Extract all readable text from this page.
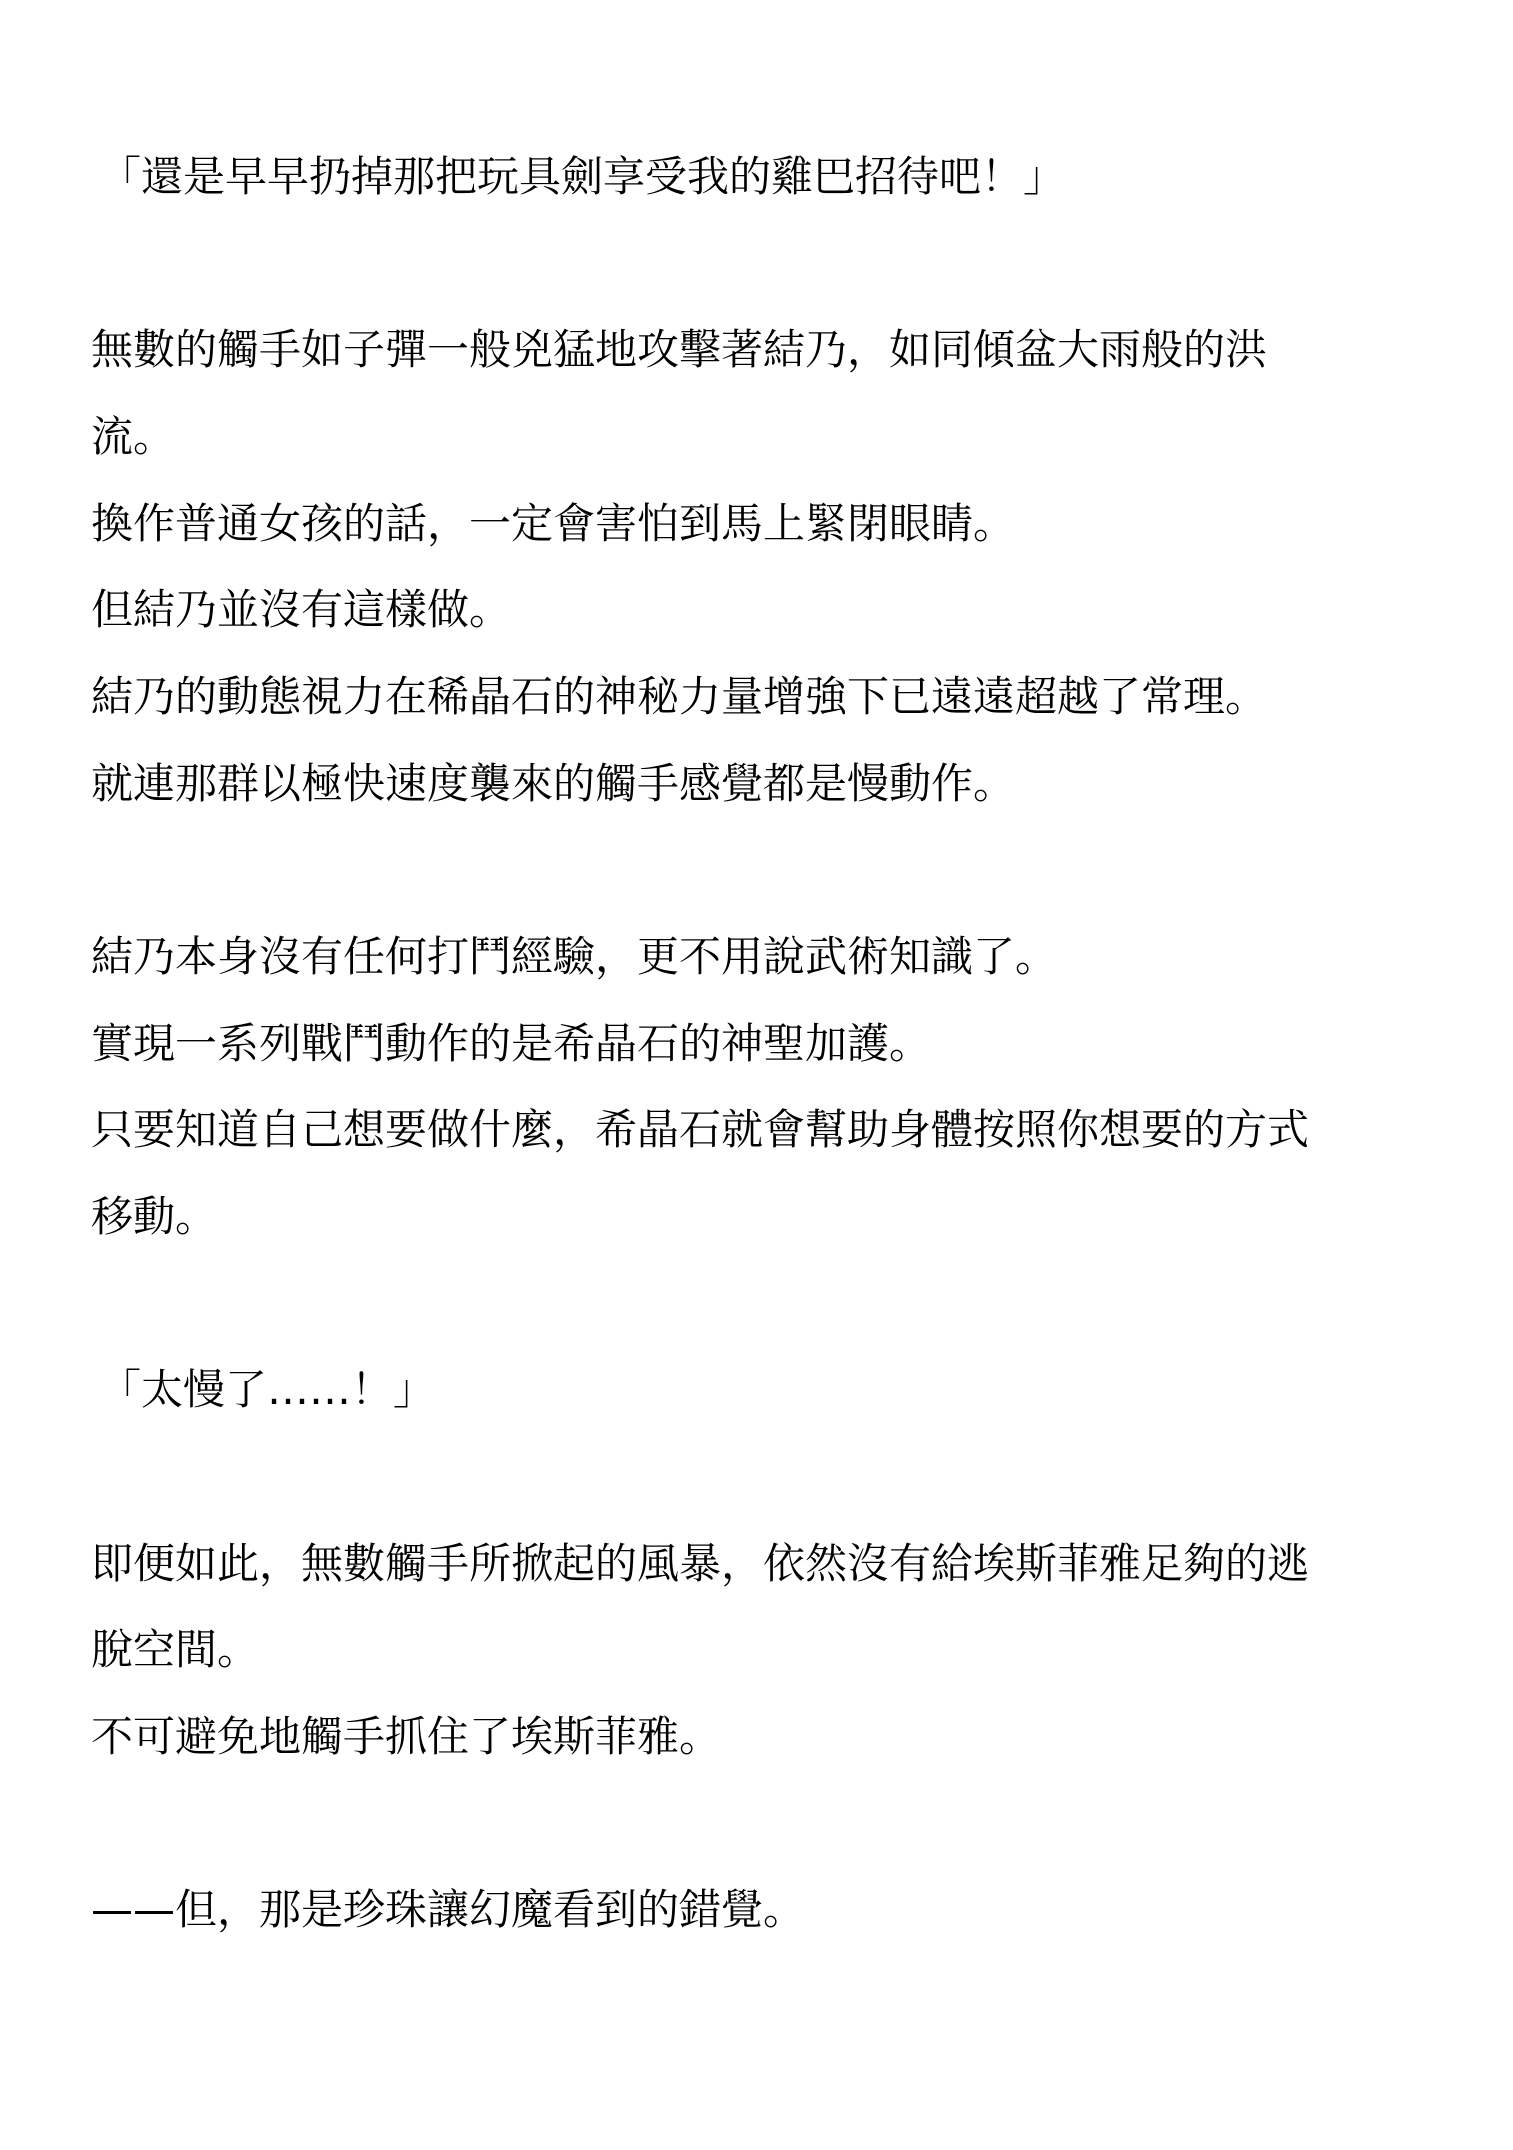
「還是早早扔掉那把玩具劍享受我的雞巴招待吧！」

無數的觸手如子彈一般兇猛地攻擊著結乃，如同傾盆大雨般的洪

流。

換作普通女孩的話，一定會害怕到馬上緊閉眼睛。

但結乃並沒有這樣做。

結乃的動態視力在稀晶石的神秘力量增強下已遠遠超越了常理。

就連那群以極快速度襲來的觸手感覺都是慢動作。

結乃本身沒有任何打鬥經驗，更不用說武術知識了。

實現一系列戰鬥動作的是希晶石的神聖加護。

只要知道自己想要做什麼，希晶石就會幫助身體按照你想要的方式

移動。

「太慢了……！」

即便如此，無數觸手所掀起的風暴，依然沒有給埃斯菲雅足夠的逃

脫空間。

不可避免地觸手抓住了埃斯菲雅。

——但，那是珍珠讓幻魔看到的錯覺。
